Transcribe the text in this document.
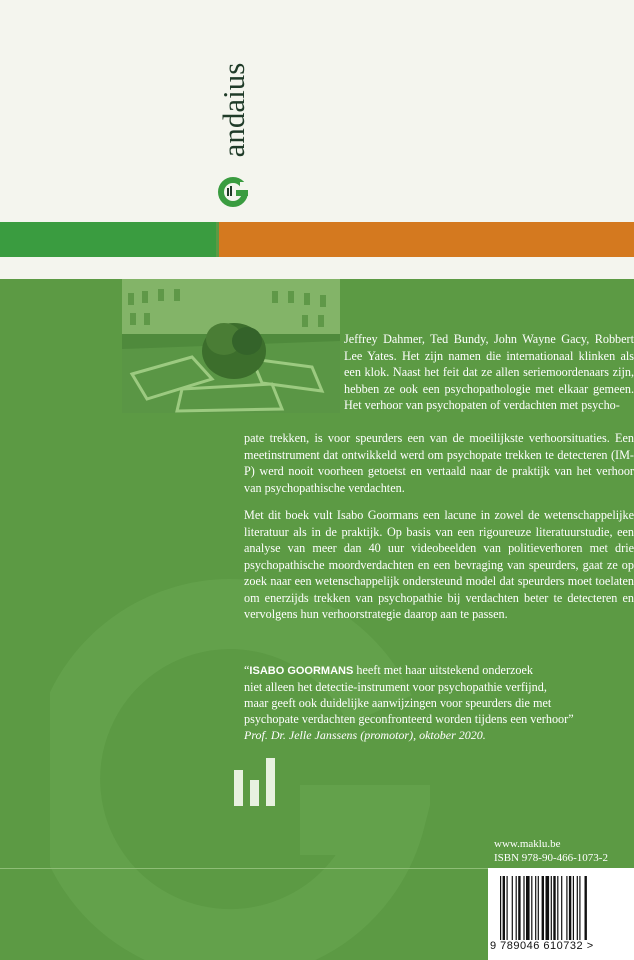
andaius

Jeffrey Dahmer, Ted Bundy, John Wayne Gacy, Robbert Lee Yates. Het zijn namen die internationaal klinken als een klok. Naast het feit dat ze allen seriemoordenaars zijn, hebben ze ook een psychopathologie met elkaar gemeen. Het verhoor van psychopaten of verdachten met psycho-

pate trekken, is voor speurders een van de moeilijkste verhoorsituaties. Een meetinstrument dat ontwikkeld werd om psychopate trekken te detecteren (IM-P) werd nooit voorheen getoetst en vertaald naar de praktijk van het verhoor van psychopathische verdachten.

Met dit boek vult Isabo Goormans een lacune in zowel de wetenschappelijke literatuur als in de praktijk. Op basis van een rigoureuze literatuurstudie, een analyse van meer dan 40 uur videobeelden van politieverhoren met drie psychopathische moordverdachten en een bevraging van speurders, gaat ze op zoek naar een wetenschappelijk ondersteund model dat speurders moet toelaten om enerzijds trekken van psychopathie bij verdachten beter te detecteren en vervolgens hun verhoorstrategie daarop aan te passen.

“ISABO GOORMANS heeft met haar uitstekend onderzoek
niet alleen het detectie-instrument voor psychopathie verfijnd,
maar geeft ook duidelijke aanwijzingen voor speurders die met
psychopate verdachten geconfronteerd worden tijdens een verhoor”

Prof. Dr. Jelle Janssens (promotor), oktober 2020.

www.maklu.be
ISBN 978-90-466-1073-2
9 789046 610732 >
